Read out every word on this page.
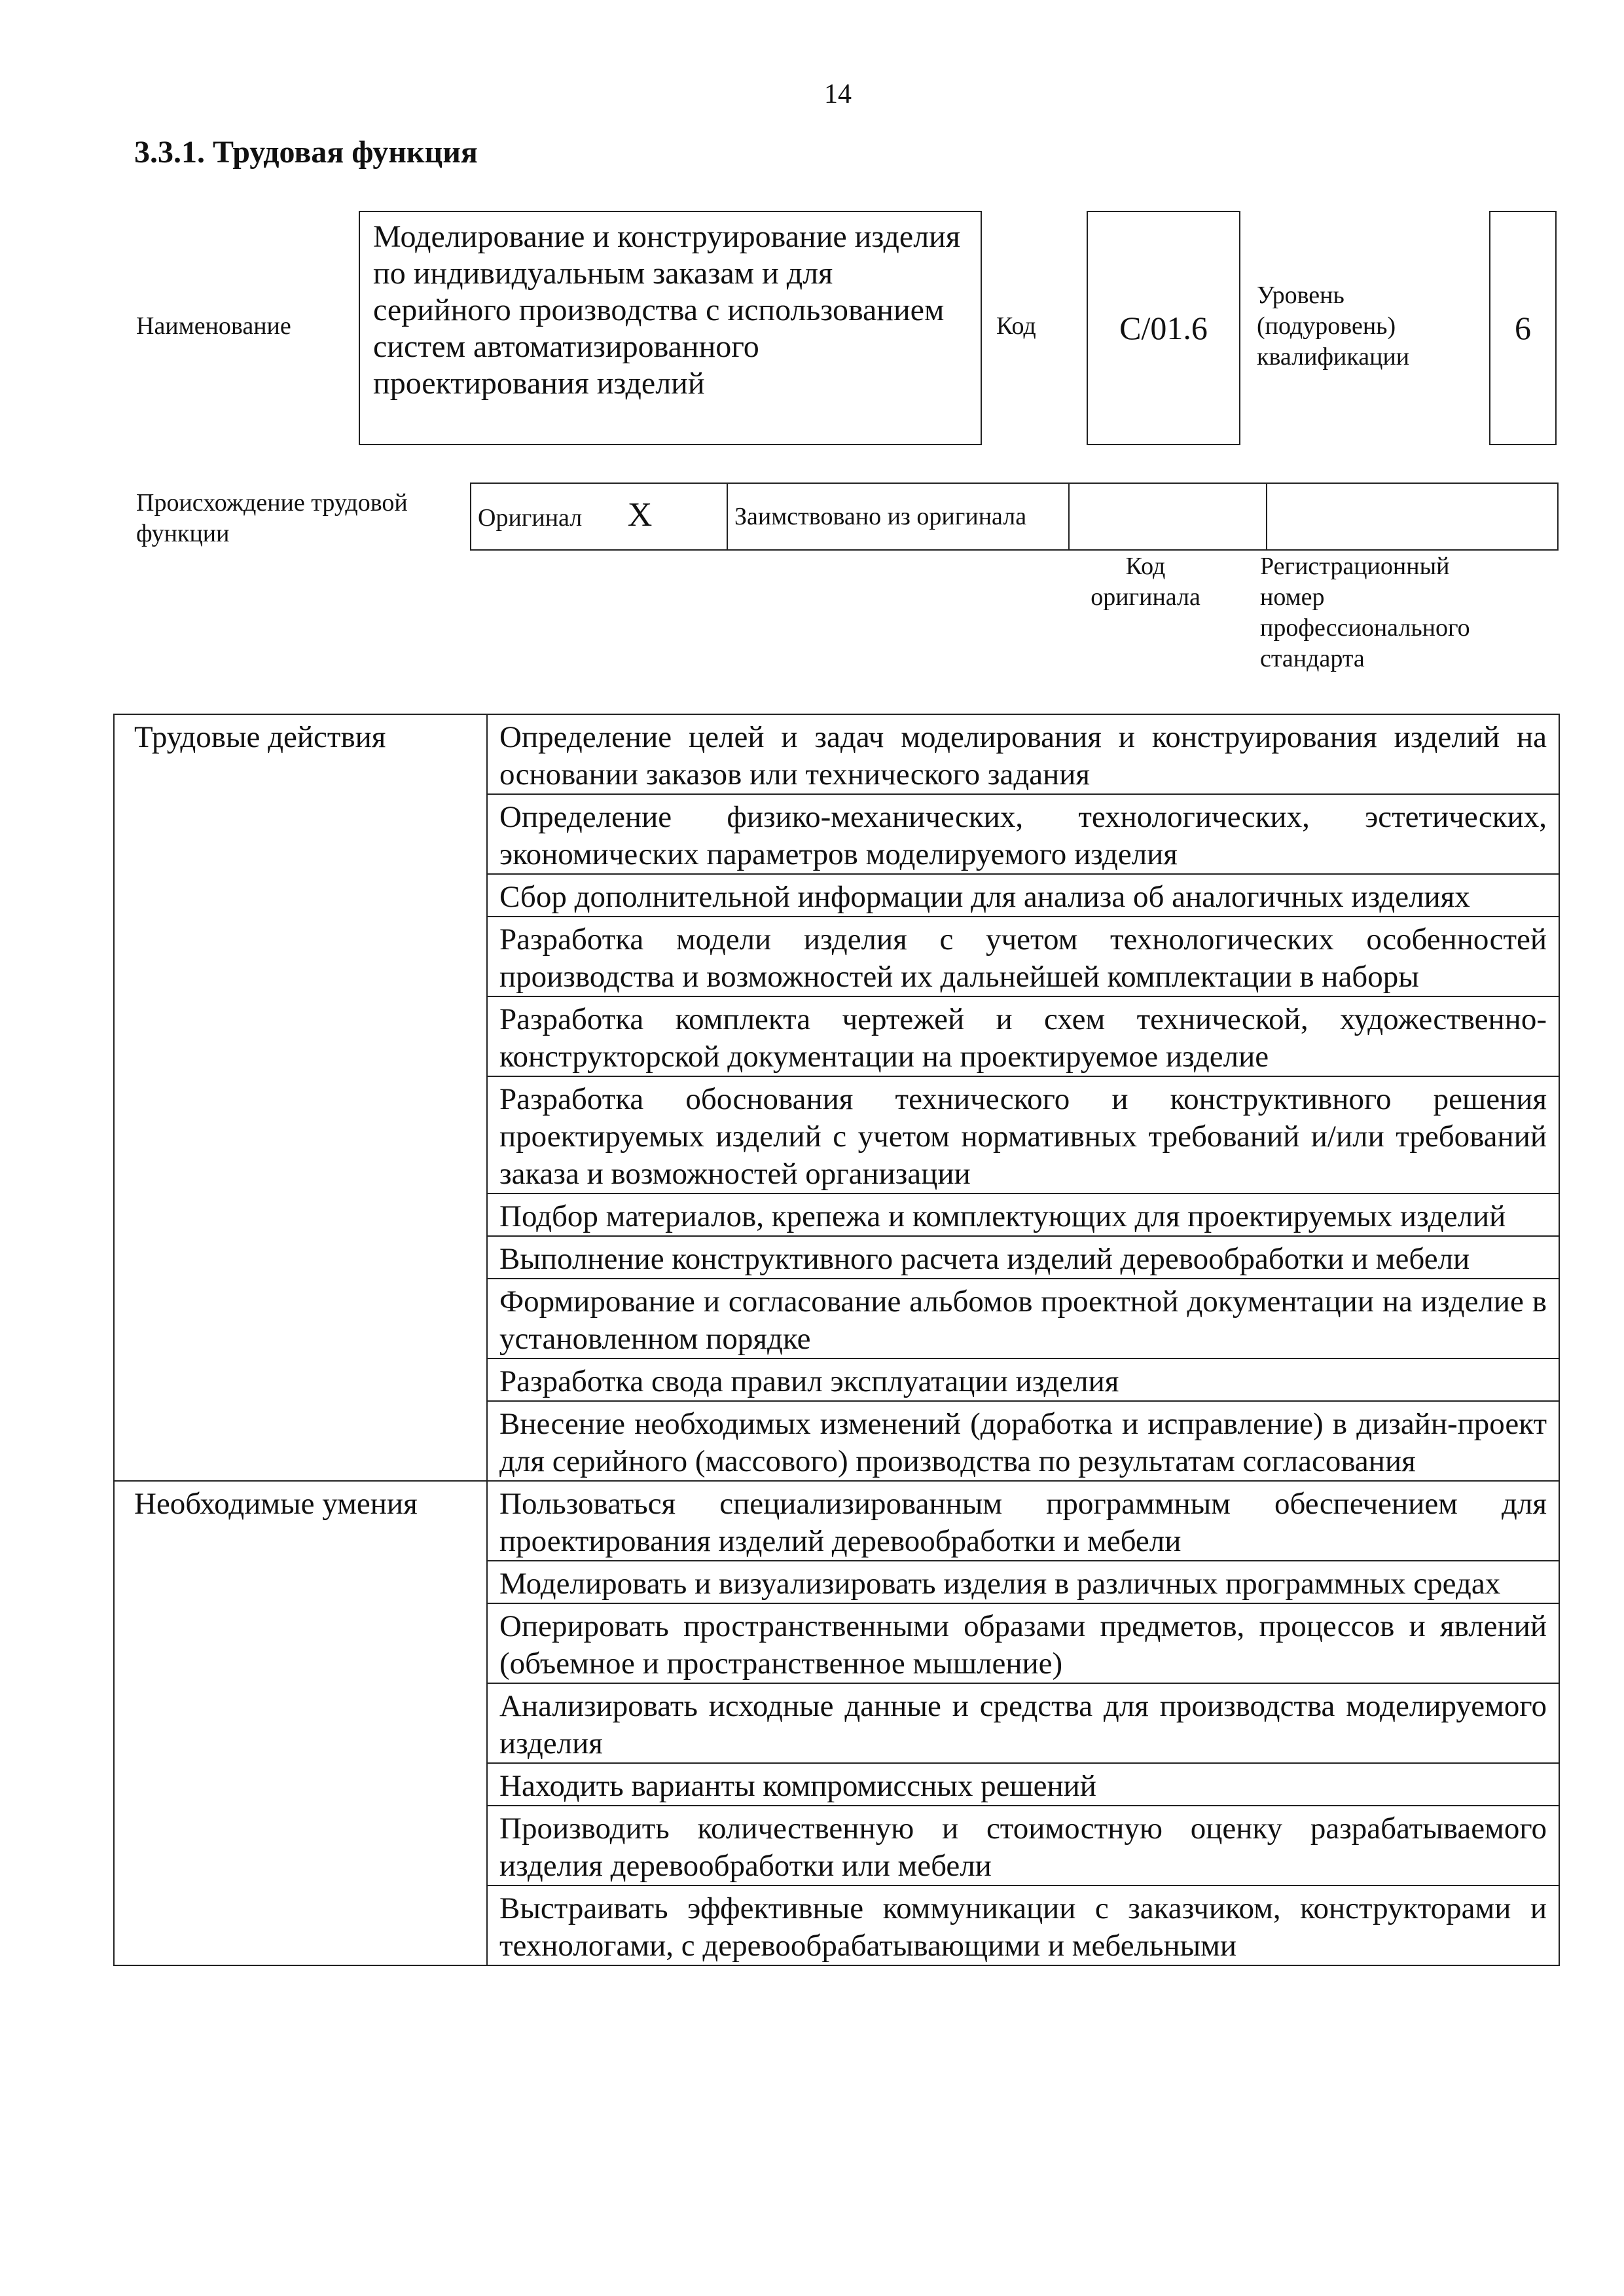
14
3.3.1. Трудовая функция
Наименование
Моделирование и конструирование изделия по индивидуальным заказам и для серийного производства с использованием систем автоматизированного проектирования изделий
Код	С/01.6
Уровень
(подуровень)
квалификации
6
Происхождение трудовой функции
Оригинал X	Заимствовано из оригинала		
Код
оригинала
Регистрационный
номер
профессионального
стандарта
Трудовые действия	Определение целей и задач моделирования и конструирования изделий на основании заказов или технического задания
	Определение физико-механических, технологических, эстетических, экономических параметров моделируемого изделия
	Сбор дополнительной информации для анализа об аналогичных изделиях
	Разработка модели изделия с учетом технологических особенностей производства и возможностей их дальнейшей комплектации в наборы
	Разработка комплекта чертежей и схем технической, художественно-конструкторской документации на проектируемое изделие
	Разработка обоснования технического и конструктивного решения проектируемых изделий с учетом нормативных требований и/или требований заказа и возможностей организации
	Подбор материалов, крепежа и комплектующих для проектируемых изделий
	Выполнение конструктивного расчета изделий деревообработки и мебели
	Формирование и согласование альбомов проектной документации на изделие в установленном порядке
	Разработка свода правил эксплуатации изделия
	Внесение необходимых изменений (доработка и исправление) в дизайн-проект для серийного (массового) производства по результатам согласования
Необходимые умения	Пользоваться специализированным программным обеспечением для проектирования изделий деревообработки и мебели
	Моделировать и визуализировать изделия в различных программных средах
	Оперировать пространственными образами предметов, процессов и явлений (объемное и пространственное мышление)
	Анализировать исходные данные и средства для производства моделируемого изделия
	Находить варианты компромиссных решений
	Производить количественную и стоимостную оценку разрабатываемого изделия деревообработки или мебели
	Выстраивать эффективные коммуникации с заказчиком, конструкторами и технологами, с деревообрабатывающими и мебельными
